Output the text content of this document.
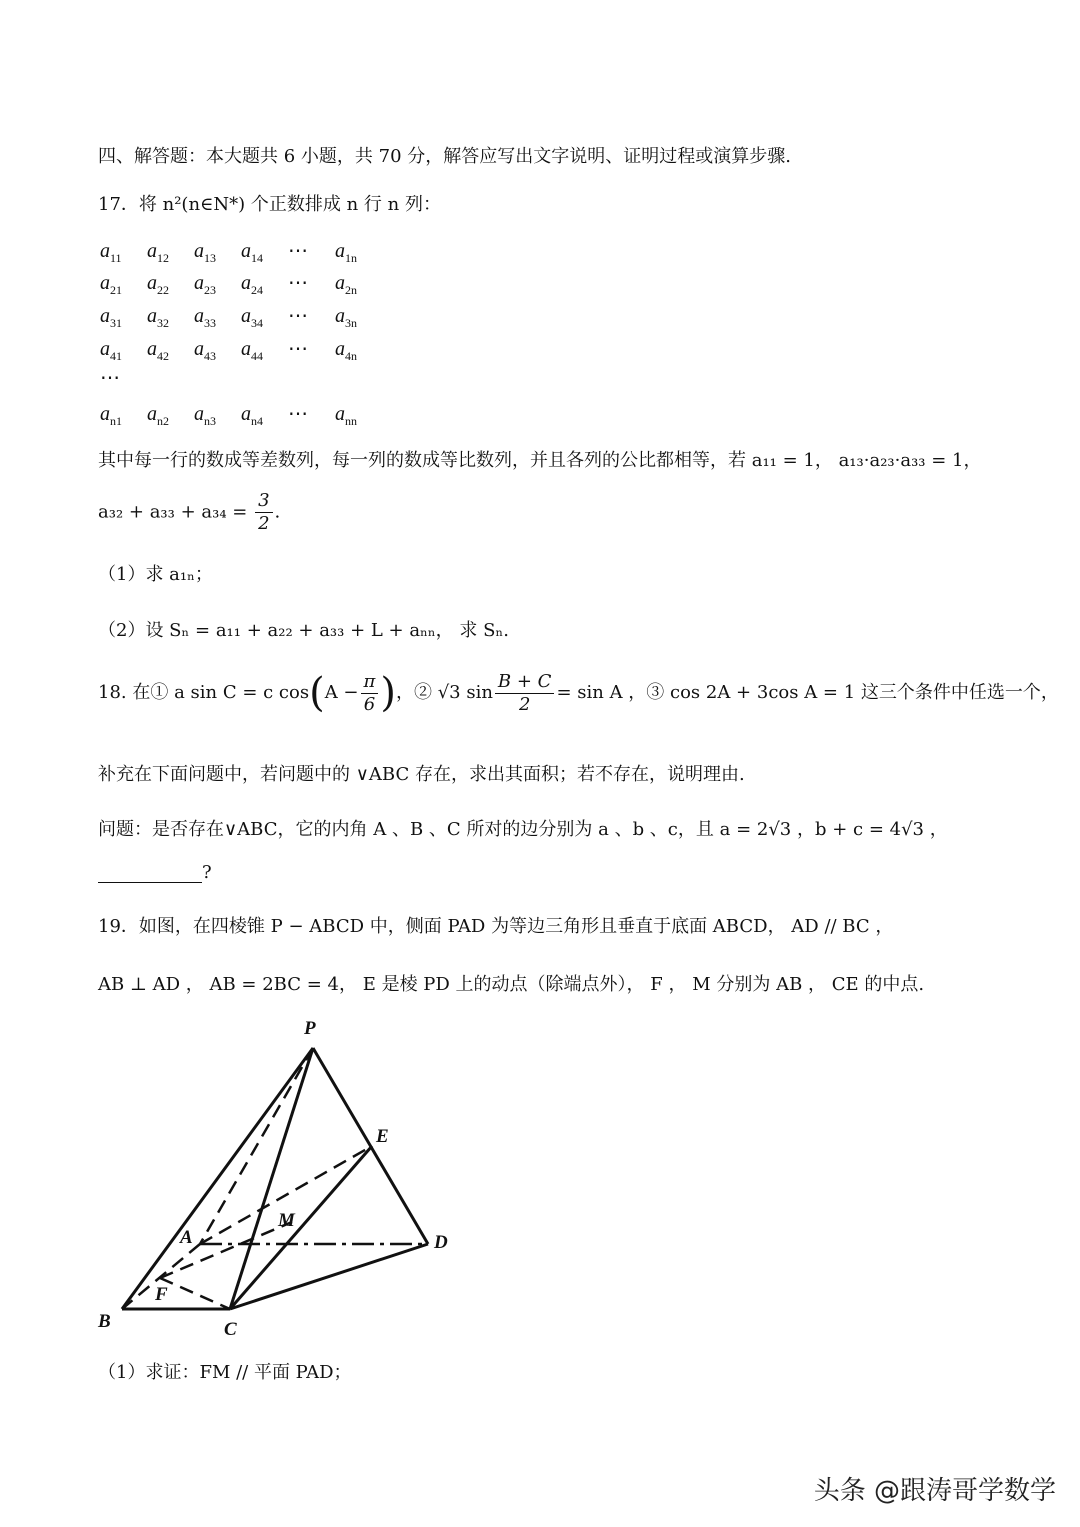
四、解答题：本大题共 6 小题，共 70 分，解答应写出文字说明、证明过程或演算步骤.
17．将 n²(n∈N*) 个正数排成 n 行 n 列：
$a_{11}$ $a_{12}$ $a_{13}$ $a_{14}$ ⋯ $a_{1n}$
$a_{21}$ $a_{22}$ $a_{23}$ $a_{24}$ ⋯ $a_{2n}$
$a_{31}$ $a_{32}$ $a_{33}$ $a_{34}$ ⋯ $a_{3n}$
$a_{41}$ $a_{42}$ $a_{43}$ $a_{44}$ ⋯ $a_{4n}$
⋯
$a_{n1}$ $a_{n2}$ $a_{n3}$ $a_{n4}$ ⋯ $a_{nn}$
其中每一行的数成等差数列，每一列的数成等比数列，并且各列的公比都相等，若 a₁₁ = 1， a₁₃·a₂₃·a₃₃ = 1，
$a_{32} + a_{33} + a_{34} = \frac{3}{2}$ .
（1）求 a₁ₙ；
（2）设 Sₙ = a₁₁ + a₂₂ + a₃₃ + L + aₙₙ， 求 Sₙ.
18. 在① a sin C = c $\cos(A - \frac{\pi}{6}$ )，② √3 $\sin \frac{B + C}{2} = \sin A$ ，③ cos 2A + 3cos A = 1 这三个条件中任选一个，
补充在下面问题中，若问题中的 ∨ABC 存在，求出其面积；若不存在，说明理由.
问题：是否存在∨ABC，它的内角 A 、B 、C 所对的边分别为 a 、b 、c，且 a = 2√3 ，b + c = 4√3 ，
?
19．如图，在四棱锥 P − ABCD 中，侧面 PAD 为等边三角形且垂直于底面 ABCD， AD // BC ，
AB ⊥ AD ， AB = 2BC = 4， E 是棱 PD 上的动点（除端点外）， F ， M 分别为 AB ， CE 的中点.
P
E
A
M
D
F
B	C
（1）求证：FM // 平面 PAD；
头条 @跟涛哥学数学
